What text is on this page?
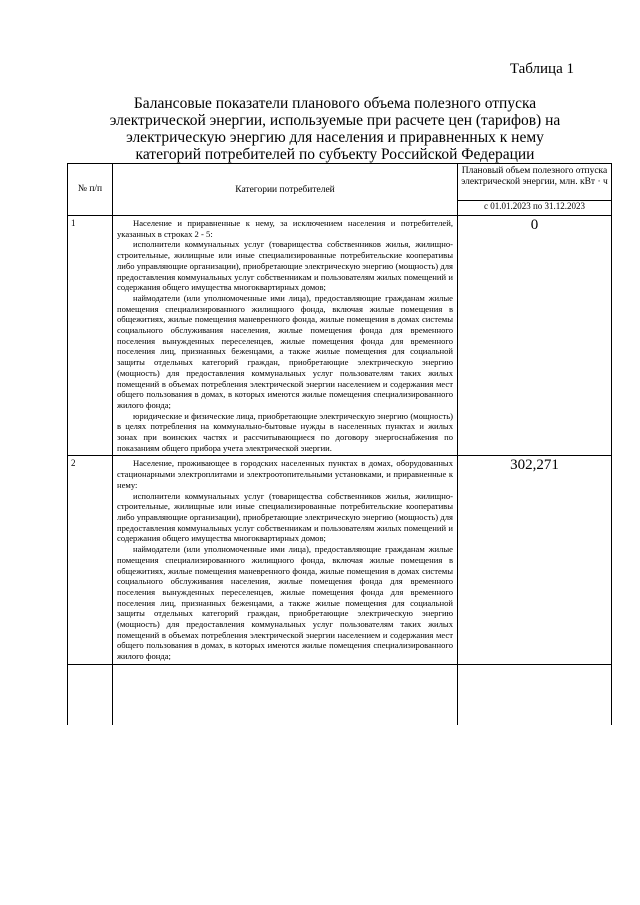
Таблица 1
Балансовые показатели планового объема полезного отпуска электрической энергии, используемые при расчете цен (тарифов) на электрическую энергию для населения и приравненных к нему категорий потребителей по субъекту Российской Федерации
№ п/п	Категории потребителей	Плановый объем полезного отпуска электрической энергии, млн. кВт · ч
		с 01.01.2023 по 31.12.2023
1	Население и приравненные к нему, за исключением населения и потребителей, указанных в строках 2 - 5:

исполнители коммунальных услуг (товарищества собственников жилья, жилищно-строительные, жилищные или иные специализированные потребительские кооперативы либо управляющие организации), приобретающие электрическую энергию (мощность) для предоставления коммунальных услуг собственникам и пользователям жилых помещений и содержания общего имущества многоквартирных домов;

наймодатели (или уполномоченные ими лица), предоставляющие гражданам жилые помещения специализированного жилищного фонда, включая жилые помещения в общежитиях, жилые помещения маневренного фонда, жилые помещения в домах системы социального обслуживания населения, жилые помещения фонда для временного поселения вынужденных переселенцев, жилые помещения фонда для временного поселения лиц, признанных беженцами, а также жилые помещения для социальной защиты отдельных категорий граждан, приобретающие электрическую энергию (мощность) для предоставления коммунальных услуг пользователям таких жилых помещений в объемах потребления электрической энергии населением и содержания мест общего пользования в домах, в которых имеются жилые помещения специализированного жилого фонда;

юридические и физические лица, приобретающие электрическую энергию (мощность) в целях потребления на коммунально-бытовые нужды в населенных пунктах и жилых зонах при воинских частях и рассчитывающиеся по договору энергоснабжения по показаниям общего прибора учета электрической энергии.	0
2	Население, проживающее в городских населенных пунктах в домах, оборудованных стационарными электроплитами и электроотопительными установками, и приравненные к нему:

исполнители коммунальных услуг (товарищества собственников жилья, жилищно-строительные, жилищные или иные специализированные потребительские кооперативы либо управляющие организации), приобретающие электрическую энергию (мощность) для предоставления коммунальных услуг собственникам и пользователям жилых помещений и содержания общего имущества многоквартирных домов;

наймодатели (или уполномоченные ими лица), предоставляющие гражданам жилые помещения специализированного жилищного фонда, включая жилые помещения в общежитиях, жилые помещения маневренного фонда, жилые помещения в домах системы социального обслуживания населения, жилые помещения фонда для временного поселения вынужденных переселенцев, жилые помещения фонда для временного поселения лиц, признанных беженцами, а также жилые помещения для социальной защиты отдельных категорий граждан, приобретающие электрическую энергию (мощность) для предоставления коммунальных услуг пользователям таких жилых помещений в объемах потребления электрической энергии населением и содержания мест общего пользования в домах, в которых имеются жилые помещения специализированного жилого фонда;	302,271
